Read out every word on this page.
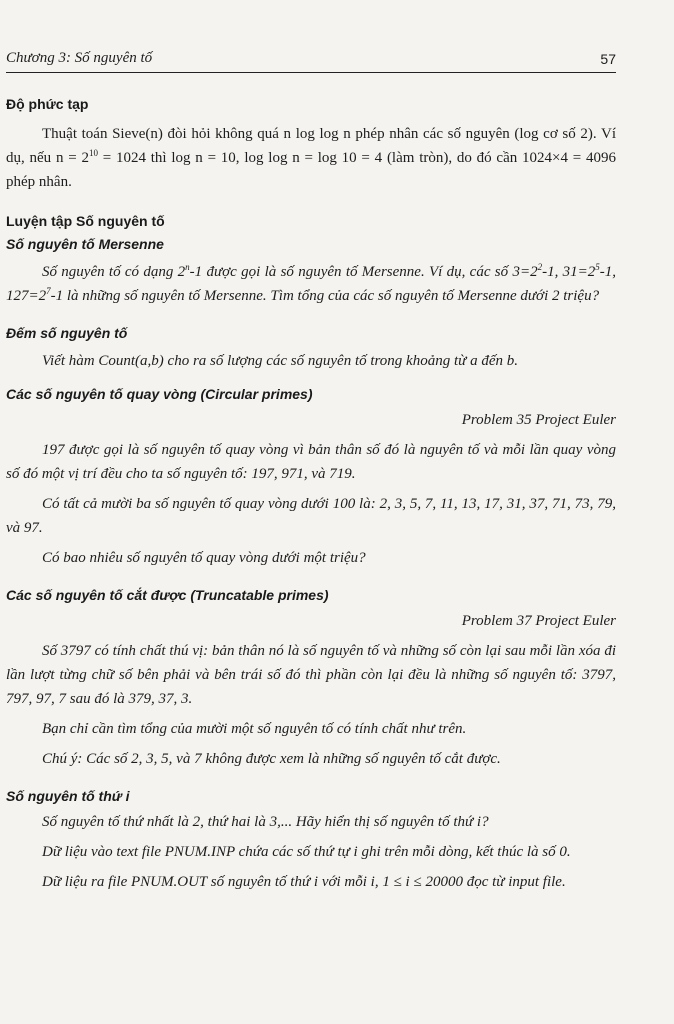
Chương 3: Số nguyên tố	57
Độ phức tạp

Thuật toán Sieve(n) đòi hỏi không quá n log log n phép nhân các số nguyên (log cơ số 2). Ví dụ, nếu $n = 2^{10} = 1024$ thì log n = 10, log log n = log 10 = 4 (làm tròn), do đó cần 1024×4 = 4096 phép nhân.

Luyện tập Số nguyên tố
Số nguyên tố Mersenne

Số nguyên tố có dạng 2$^n$-1 được gọi là số nguyên tố Mersenne. Ví dụ, các số $3=2^2-1$, $31=2^5-1$, $127=2^7-1$ là những số nguyên tố Mersenne. Tìm tổng của các số nguyên tố Mersenne dưới 2 triệu?

Đếm số nguyên tố

Viết hàm Count(a,b) cho ra số lượng các số nguyên tố trong khoảng từ a đến b.

Các số nguyên tố quay vòng (Circular primes)

Problem 35 Project Euler

197 được gọi là số nguyên tố quay vòng vì bản thân số đó là nguyên tố và mỗi lần quay vòng số đó một vị trí đều cho ta số nguyên tố: 197, 971, và 719.

Có tất cả mười ba số nguyên tố quay vòng dưới 100 là: 2, 3, 5, 7, 11, 13, 17, 31, 37, 71, 73, 79, và 97.

Có bao nhiêu số nguyên tố quay vòng dưới một triệu?

Các số nguyên tố cắt được (Truncatable primes)

Problem 37 Project Euler

Số 3797 có tính chất thú vị: bản thân nó là số nguyên tố và những số còn lại sau mỗi lần xóa đi lần lượt từng chữ số bên phải và bên trái số đó thì phần còn lại đều là những số nguyên tố: 3797, 797, 97, 7 sau đó là 379, 37, 3.

Bạn chỉ cần tìm tổng của mười một số nguyên tố có tính chất như trên.

Chú ý: Các số 2, 3, 5, và 7 không được xem là những số nguyên tố cắt được.

Số nguyên tố thứ i

Số nguyên tố thứ nhất là 2, thứ hai là 3,... Hãy hiển thị số nguyên tố thứ i?

Dữ liệu vào text file PNUM.INP chứa các số thứ tự i ghi trên mỗi dòng, kết thúc là số 0.

Dữ liệu ra file PNUM.OUT số nguyên tố thứ i với mỗi i, 1 ≤ i ≤ 20000 đọc từ input file.
